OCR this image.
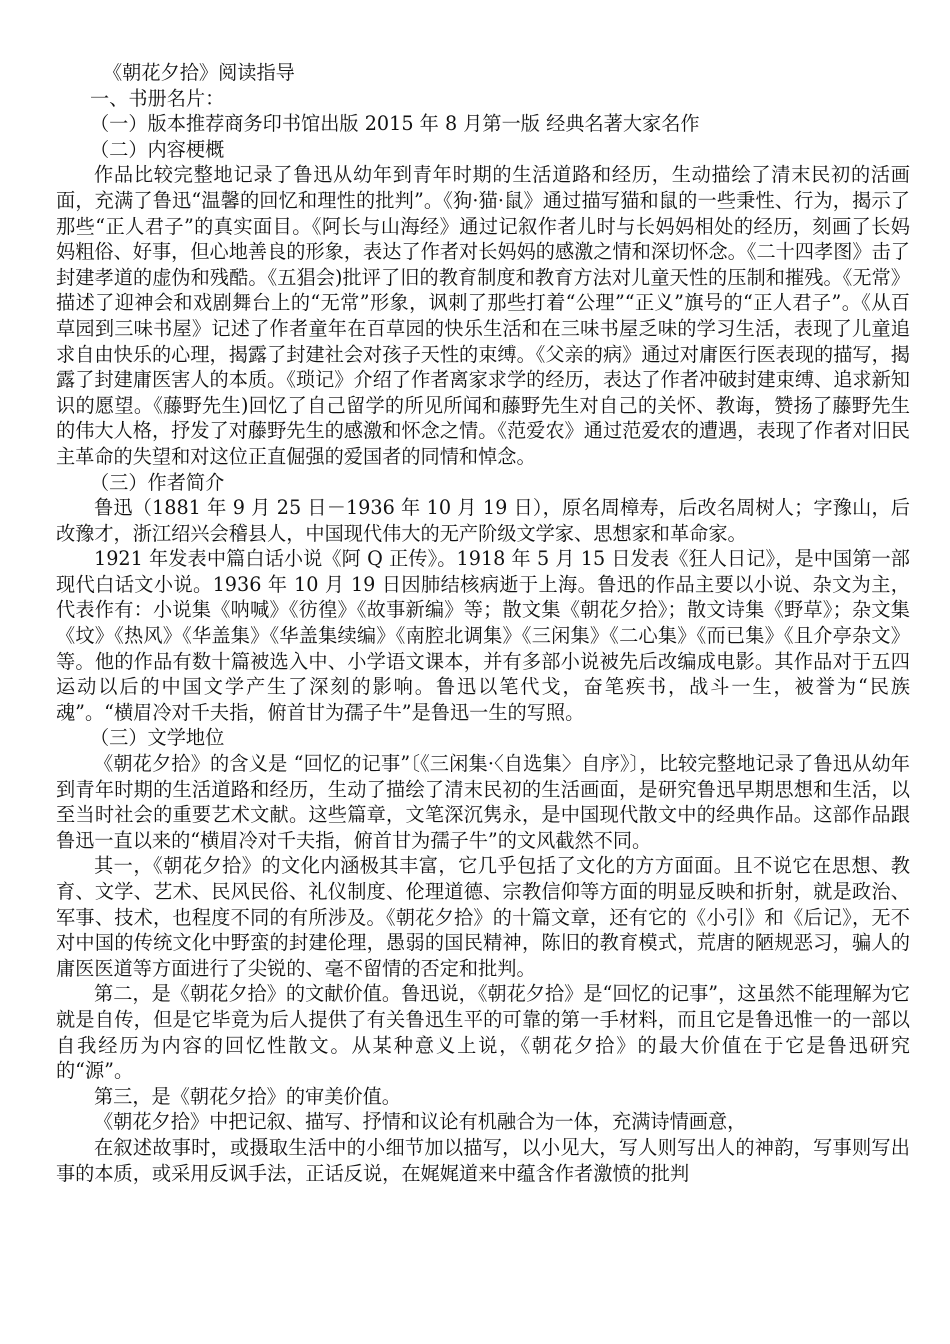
《朝花夕拾》阅读指导

一、书册名片：

（一）版本推荐商务印书馆出版 2015 年 8 月第一版 经典名著大家名作

（二）内容梗概

作品比较完整地记录了鲁迅从幼年到青年时期的生活道路和经历，生动描绘了清末民初的活画面，充满了鲁迅“温馨的回忆和理性的批判”。《狗·猫·鼠》通过描写猫和鼠的一些秉性、行为，揭示了那些“正人君子”的真实面目。《阿长与山海经》通过记叙作者儿时与长妈妈相处的经历，刻画了长妈妈粗俗、好事，但心地善良的形象，表达了作者对长妈妈的感激之情和深切怀念。《二十四孝图》击了封建孝道的虚伪和残酷。《五猖会)批评了旧的教育制度和教育方法对儿童天性的压制和摧残。《无常》描述了迎神会和戏剧舞台上的“无常”形象，讽刺了那些打着“公理”“正义”旗号的“正人君子”。《从百草园到三味书屋》记述了作者童年在百草园的快乐生活和在三味书屋乏味的学习生活，表现了儿童追求自由快乐的心理，揭露了封建社会对孩子天性的束缚。《父亲的病》通过对庸医行医表现的描写，揭露了封建庸医害人的本质。《琐记》介绍了作者离家求学的经历，表达了作者冲破封建束缚、追求新知识的愿望。《藤野先生)回忆了自己留学的所见所闻和藤野先生对自己的关怀、教诲，赞扬了藤野先生的伟大人格，抒发了对藤野先生的感激和怀念之情。《范爱农》通过范爱农的遭遇，表现了作者对旧民主革命的失望和对这位正直倔强的爱国者的同情和悼念。

（三）作者简介

鲁迅（1881 年 9 月 25 日－1936 年 10 月 19 日），原名周樟寿，后改名周树人；字豫山，后改豫才，浙江绍兴会稽县人，中国现代伟大的无产阶级文学家、思想家和革命家。

1921 年发表中篇白话小说《阿 Q 正传》。1918 年 5 月 15 日发表《狂人日记》，是中国第一部现代白话文小说。1936 年 10 月 19 日因肺结核病逝于上海。鲁迅的作品主要以小说、杂文为主，代表作有：小说集《呐喊》《彷徨》《故事新编》等；散文集《朝花夕拾》；散文诗集《野草》；杂文集《坟》《热风》《华盖集》《华盖集续编》《南腔北调集》《三闲集》《二心集》《而已集》《且介亭杂文》等。他的作品有数十篇被选入中、小学语文课本，并有多部小说被先后改编成电影。其作品对于五四运动以后的中国文学产生了深刻的影响。鲁迅以笔代戈，奋笔疾书，战斗一生，被誉为“民族魂”。“横眉冷对千夫指，俯首甘为孺子牛”是鲁迅一生的写照。

（三）文学地位

《朝花夕拾》的含义是 “回忆的记事”〔《三闲集·〈自选集〉自序》〕，比较完整地记录了鲁迅从幼年到青年时期的生活道路和经历，生动了描绘了清末民初的生活画面，是研究鲁迅早期思想和生活，以至当时社会的重要艺术文献。这些篇章，文笔深沉隽永，是中国现代散文中的经典作品。这部作品跟鲁迅一直以来的“横眉冷对千夫指，俯首甘为孺子牛”的文风截然不同。

其一，《朝花夕拾》的文化内涵极其丰富，它几乎包括了文化的方方面面。且不说它在思想、教育、文学、艺术、民风民俗、礼仪制度、伦理道德、宗教信仰等方面的明显反映和折射，就是政治、军事、技术，也程度不同的有所涉及。《朝花夕拾》的十篇文章，还有它的《小引》和《后记》，无不对中国的传统文化中野蛮的封建伦理，愚弱的国民精神，陈旧的教育模式，荒唐的陋规恶习，骗人的庸医医道等方面进行了尖锐的、毫不留情的否定和批判。

第二，是《朝花夕拾》的文献价值。鲁迅说，《朝花夕拾》是“回忆的记事”，这虽然不能理解为它就是自传，但是它毕竟为后人提供了有关鲁迅生平的可靠的第一手材料，而且它是鲁迅惟一的一部以自我经历为内容的回忆性散文。从某种意义上说，《朝花夕拾》的最大价值在于它是鲁迅研究的“源”。

第三，是《朝花夕拾》的审美价值。

《朝花夕拾》中把记叙、描写、抒情和议论有机融合为一体，充满诗情画意，

在叙述故事时，或摄取生活中的小细节加以描写，以小见大，写人则写出人的神韵，写事则写出事的本质，或采用反讽手法，正话反说，在娓娓道来中蕴含作者激愤的批判
